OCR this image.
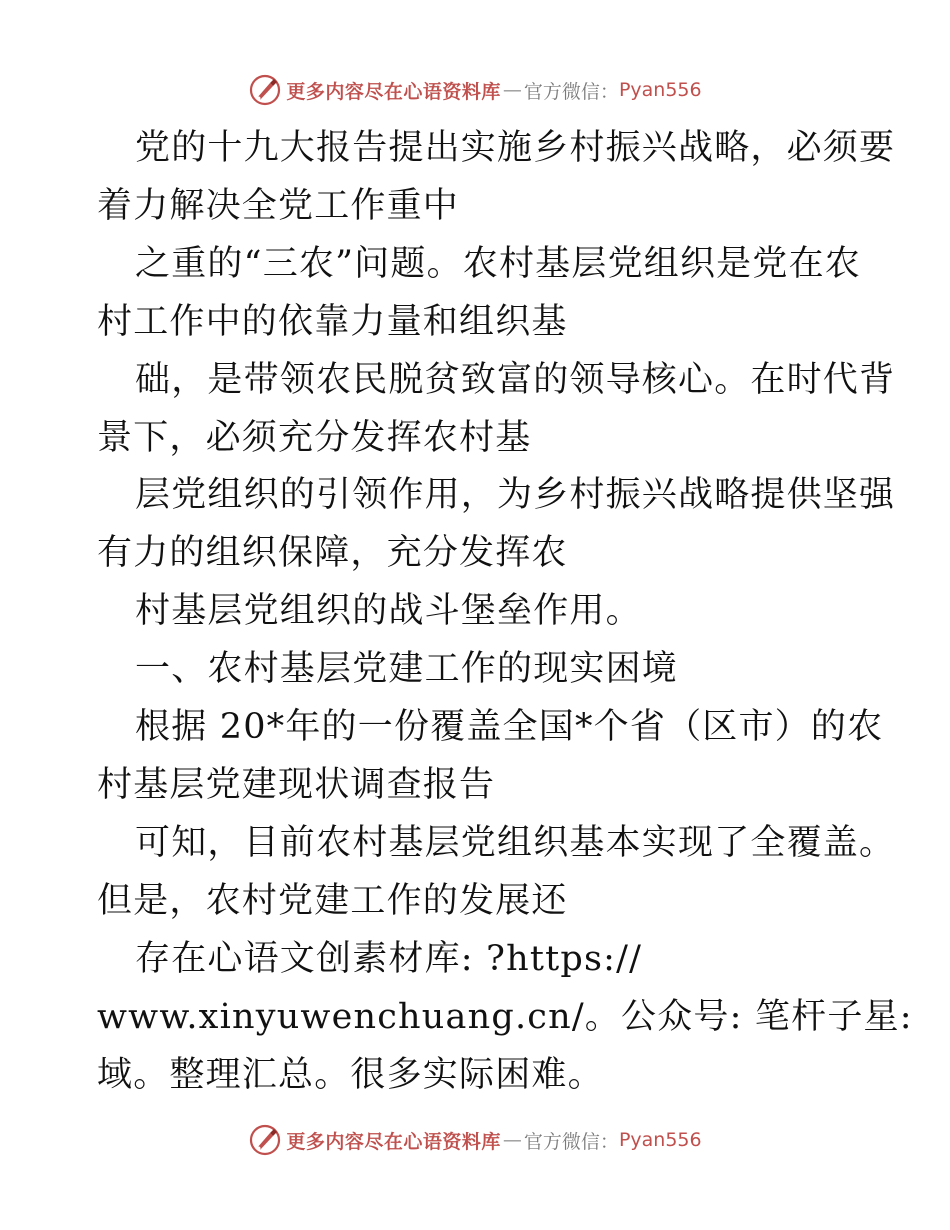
更多内容尽在心语资料库 — 官方微信： Pyan556

党的十九大报告提出实施乡村振兴战略，必须要

着力解决全党工作重中

之重的“三农”问题。农村基层党组织是党在农

村工作中的依靠力量和组织基

础，是带领农民脱贫致富的领导核心。在时代背

景下，必须充分发挥农村基

层党组织的引领作用，为乡村振兴战略提供坚强

有力的组织保障，充分发挥农

村基层党组织的战斗堡垒作用。

一、农村基层党建工作的现实困境

根据 20*年的一份覆盖全国*个省（区市）的农

村基层党建现状调查报告

可知，目前农村基层党组织基本实现了全覆盖。

但是，农村党建工作的发展还

存在心语文创素材库: ?https://

www.xinyuwenchuang.cn/。公众号: 笔杆子星:

域。整理汇总。很多实际困难。

更多内容尽在心语资料库 — 官方微信： Pyan556
